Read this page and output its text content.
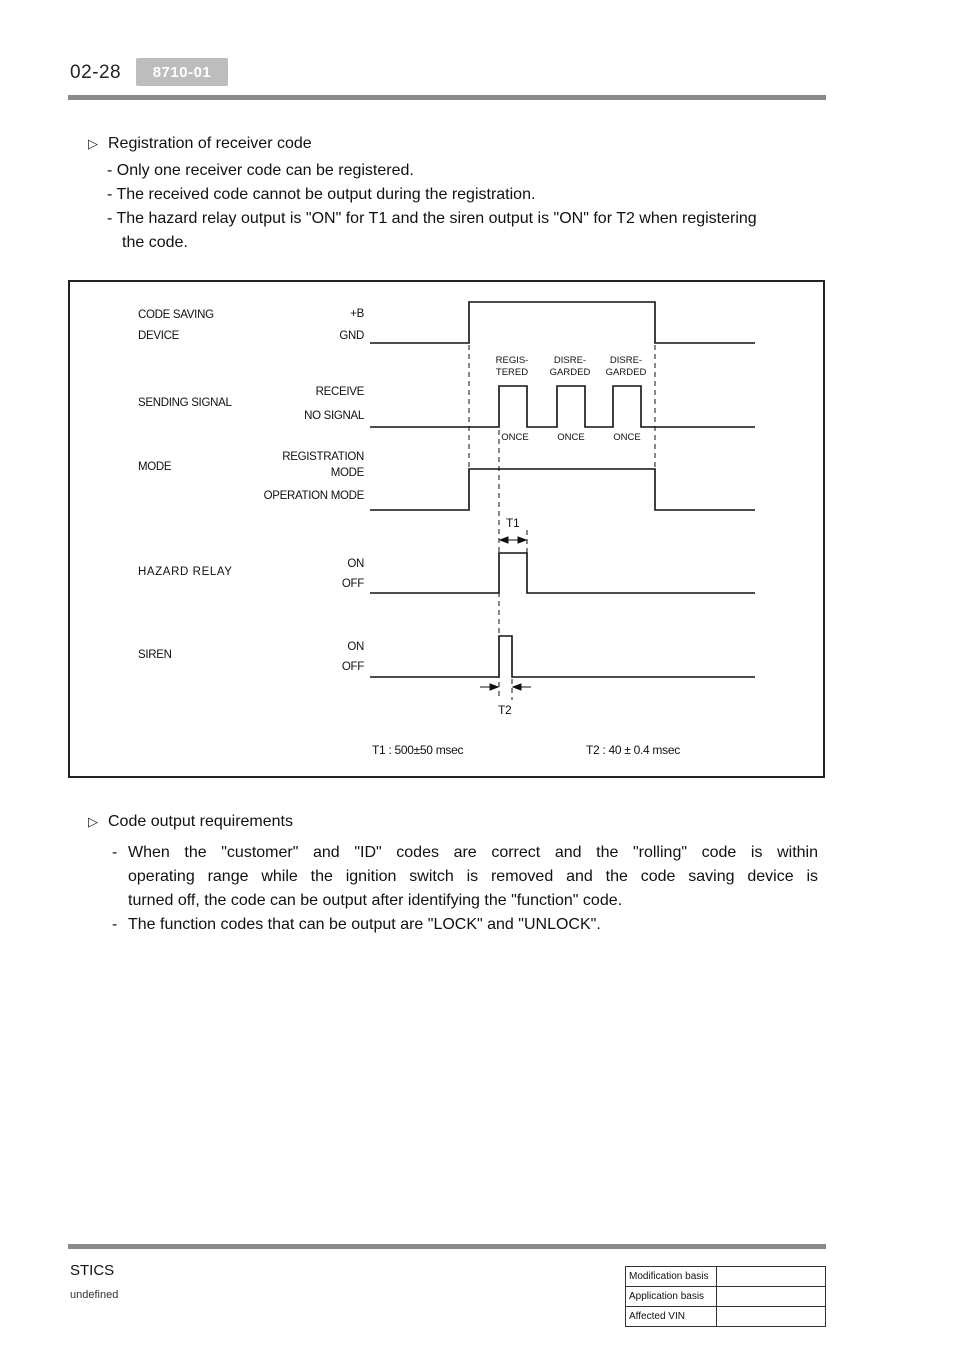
02-28	8710-01
▷ Registration of receiver code
- Only one receiver code can be registered.
- The received code cannot be output during the registration.
- The hazard relay output is "ON" for T1 and the siren output is "ON" for T2 when registering
the code.
CODE SAVING
DEVICE
+B
GND
SENDING SIGNAL
RECEIVE
NO SIGNAL
MODE
REGISTRATION
MODE
OPERATION MODE
HAZARD RELAY
ON
OFF
SIREN
ON
OFF
REGIS-
TERED
DISRE-
GARDED
DISRE-
GARDED
ONCE	ONCE	ONCE
T1
T2
T1 : 500±50 msec	T2 : 40 ± 0.4 msec
▷ Code output requirements
- When the "customer" and "ID" codes are correct and the "rolling" code is within
operating range while the ignition switch is removed and the code saving device is
turned off, the code can be output after identifying the "function" code.
- The function codes that can be output are "LOCK" and "UNLOCK".
STICS
undefined
Modification basis	
Application basis	
Affected VIN	
